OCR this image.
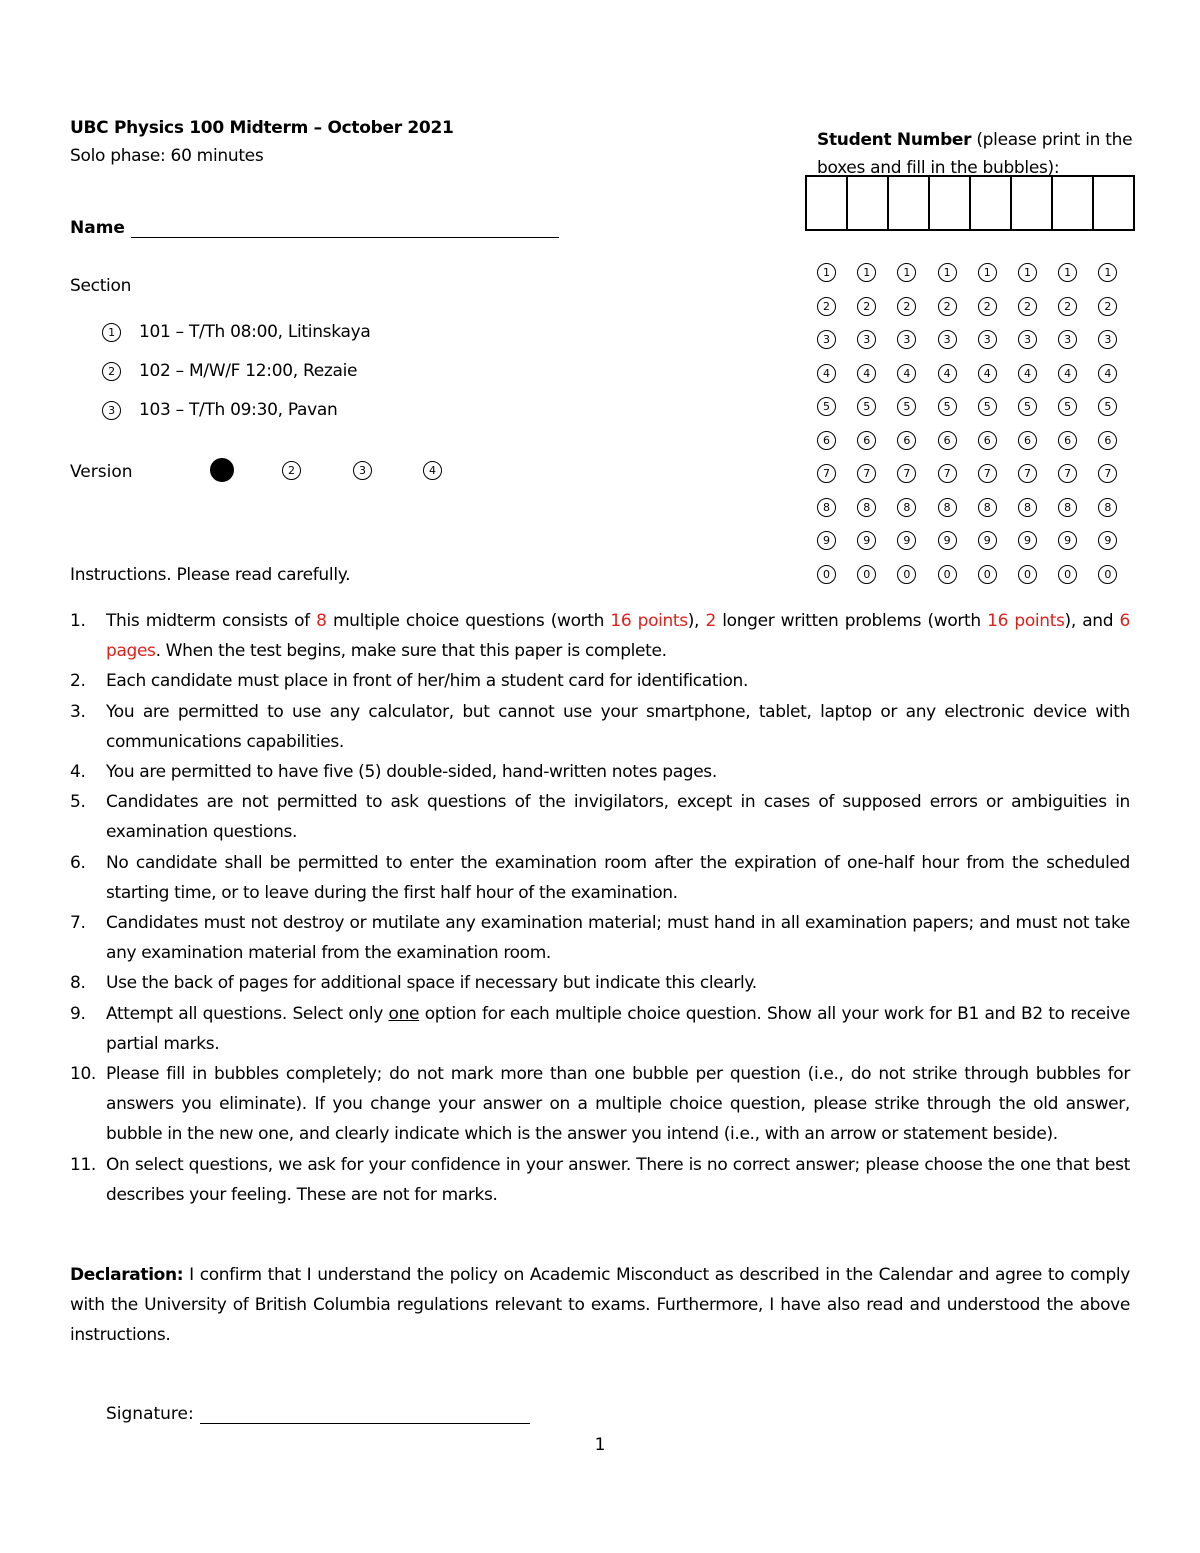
UBC Physics 100 Midterm – October 2021
Solo phase: 60 minutes
Name
Section
1	101 – T/Th 08:00, Litinskaya
2	102 – M/W/F 12:00, Rezaie
3	103 – T/Th 09:30, Pavan
Version	2	3	4
Student Number (please print in the boxes and fill in the bubbles):
1	1	1	1	1	1	1	1
2	2	2	2	2	2	2	2
3	3	3	3	3	3	3	3
4	4	4	4	4	4	4	4
5	5	5	5	5	5	5	5
6	6	6	6	6	6	6	6
7	7	7	7	7	7	7	7
8	8	8	8	8	8	8	8
9	9	9	9	9	9	9	9
0	0	0	0	0	0	0	0
Instructions. Please read carefully.
1.	This midterm consists of 8 multiple choice questions (worth 16 points), 2 longer written problems (worth 16 points), and 6 pages. When the test begins, make sure that this paper is complete.
2.	Each candidate must place in front of her/him a student card for identification.
3.	You are permitted to use any calculator, but cannot use your smartphone, tablet, laptop or any electronic device with communications capabilities.
4.	You are permitted to have five (5) double-sided, hand-written notes pages.
5.	Candidates are not permitted to ask questions of the invigilators, except in cases of supposed errors or ambiguities in examination questions.
6.	No candidate shall be permitted to enter the examination room after the expiration of one-half hour from the scheduled starting time, or to leave during the first half hour of the examination.
7.	Candidates must not destroy or mutilate any examination material; must hand in all examination papers; and must not take any examination material from the examination room.
8.	Use the back of pages for additional space if necessary but indicate this clearly.
9.	Attempt all questions. Select only one option for each multiple choice question. Show all your work for B1 and B2 to receive partial marks.
10. Please fill in bubbles completely; do not mark more than one bubble per question (i.e., do not strike through bubbles for answers you eliminate). If you change your answer on a multiple choice question, please strike through the old answer, bubble in the new one, and clearly indicate which is the answer you intend (i.e., with an arrow or statement beside).
11. On select questions, we ask for your confidence in your answer. There is no correct answer; please choose the one that best describes your feeling. These are not for marks.
Declaration: I confirm that I understand the policy on Academic Misconduct as described in the Calendar and agree to comply with the University of British Columbia regulations relevant to exams. Furthermore, I have also read and understood the above instructions.
Signature:
1
